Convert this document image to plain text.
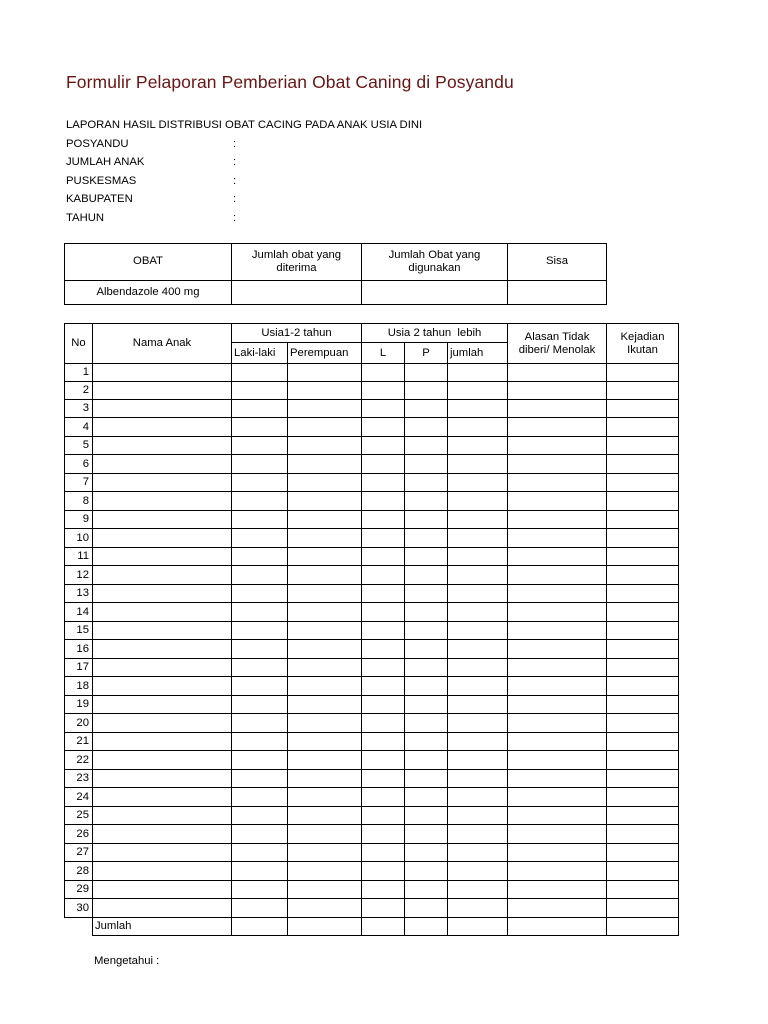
Formulir Pelaporan Pemberian Obat Caning di Posyandu
LAPORAN HASIL DISTRIBUSI OBAT CACING PADA ANAK USIA DINI
POSYANDU	:
JUMLAH ANAK	:
PUSKESMAS	:
KABUPATEN	:
TAHUN	:
OBAT	Jumlah obat yang diterima	Jumlah Obat yang digunakan	Sisa
Albendazole 400 mg			
No	Nama Anak	Usia1-2 tahun		Usia 2 tahun  lebih			Alasan Tidak diberi/ Menolak	Kejadian Ikutan
		Laki-laki	Perempuan	L	P	jumlah		
1								
2								
3								
4								
5								
6								
7								
8								
9								
10								
11								
12								
13								
14								
15								
16								
17								
18								
19								
20								
21								
22								
23								
24								
25								
26								
27								
28								
29								
30								
	Jumlah							
Mengetahui :
